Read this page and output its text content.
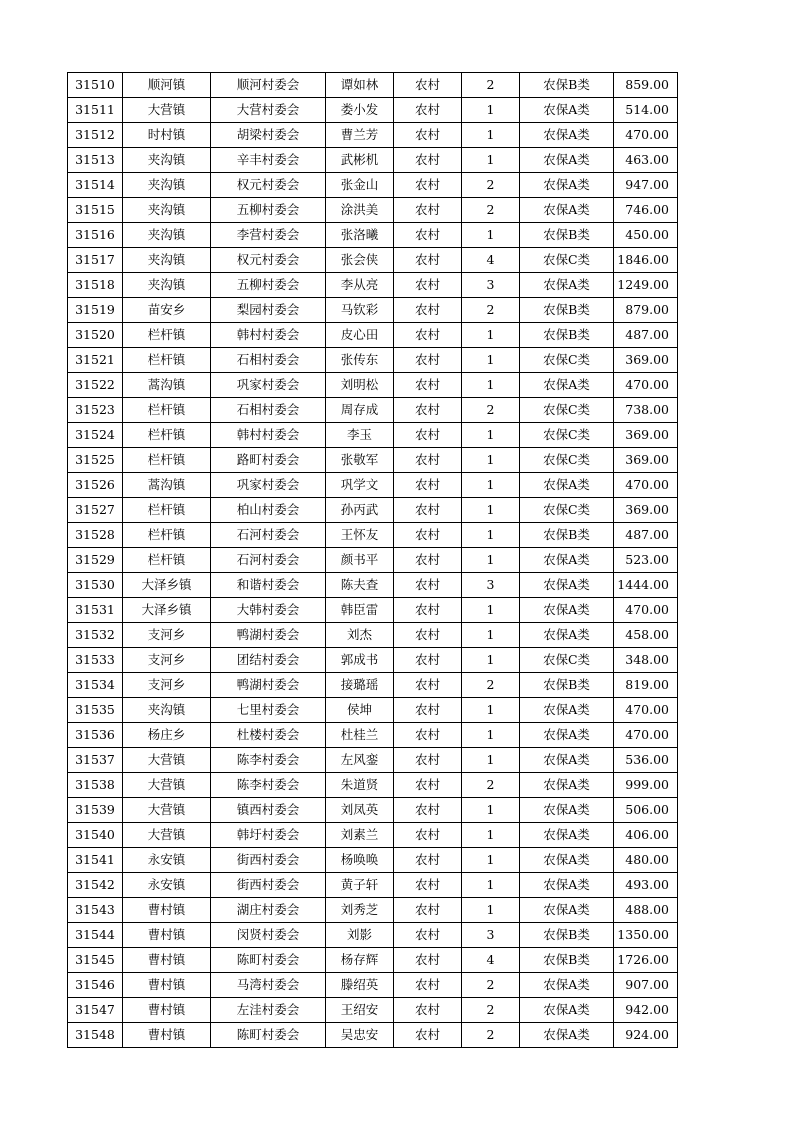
31510	顺河镇	顺河村委会	谭如林	农村	2	农保B类	859.00
31511	大营镇	大营村委会	娄小发	农村	1	农保A类	514.00
31512	时村镇	胡梁村委会	曹兰芳	农村	1	农保A类	470.00
31513	夹沟镇	辛丰村委会	武彬机	农村	1	农保A类	463.00
31514	夹沟镇	权元村委会	张金山	农村	2	农保A类	947.00
31515	夹沟镇	五柳村委会	涂洪美	农村	2	农保A类	746.00
31516	夹沟镇	李营村委会	张洛曦	农村	1	农保B类	450.00
31517	夹沟镇	权元村委会	张会侠	农村	4	农保C类	1846.00
31518	夹沟镇	五柳村委会	李从亮	农村	3	农保A类	1249.00
31519	苗安乡	梨园村委会	马钦彩	农村	2	农保B类	879.00
31520	栏杆镇	韩村村委会	皮心田	农村	1	农保B类	487.00
31521	栏杆镇	石相村委会	张传东	农村	1	农保C类	369.00
31522	蒿沟镇	巩家村委会	刘明松	农村	1	农保A类	470.00
31523	栏杆镇	石相村委会	周存成	农村	2	农保C类	738.00
31524	栏杆镇	韩村村委会	李玉	农村	1	农保C类	369.00
31525	栏杆镇	路町村委会	张敬军	农村	1	农保C类	369.00
31526	蒿沟镇	巩家村委会	巩学文	农村	1	农保A类	470.00
31527	栏杆镇	柏山村委会	孙丙武	农村	1	农保C类	369.00
31528	栏杆镇	石河村委会	王怀友	农村	1	农保B类	487.00
31529	栏杆镇	石河村委会	颜书平	农村	1	农保A类	523.00
31530	大泽乡镇	和谐村委会	陈夫查	农村	3	农保A类	1444.00
31531	大泽乡镇	大韩村委会	韩臣雷	农村	1	农保A类	470.00
31532	支河乡	鸭湖村委会	刘杰	农村	1	农保A类	458.00
31533	支河乡	团结村委会	郭成书	农村	1	农保C类	348.00
31534	支河乡	鸭湖村委会	接璐瑶	农村	2	农保B类	819.00
31535	夹沟镇	七里村委会	侯坤	农村	1	农保A类	470.00
31536	杨庄乡	杜楼村委会	杜桂兰	农村	1	农保A类	470.00
31537	大营镇	陈李村委会	左风銮	农村	1	农保A类	536.00
31538	大营镇	陈李村委会	朱道贤	农村	2	农保A类	999.00
31539	大营镇	镇西村委会	刘凤英	农村	1	农保A类	506.00
31540	大营镇	韩圩村委会	刘素兰	农村	1	农保A类	406.00
31541	永安镇	街西村委会	杨唤唤	农村	1	农保A类	480.00
31542	永安镇	街西村委会	黄子轩	农村	1	农保A类	493.00
31543	曹村镇	湖庄村委会	刘秀芝	农村	1	农保A类	488.00
31544	曹村镇	闵贤村委会	刘影	农村	3	农保B类	1350.00
31545	曹村镇	陈町村委会	杨存辉	农村	4	农保B类	1726.00
31546	曹村镇	马湾村委会	滕绍英	农村	2	农保A类	907.00
31547	曹村镇	左洼村委会	王绍安	农村	2	农保A类	942.00
31548	曹村镇	陈町村委会	吴忠安	农村	2	农保A类	924.00
